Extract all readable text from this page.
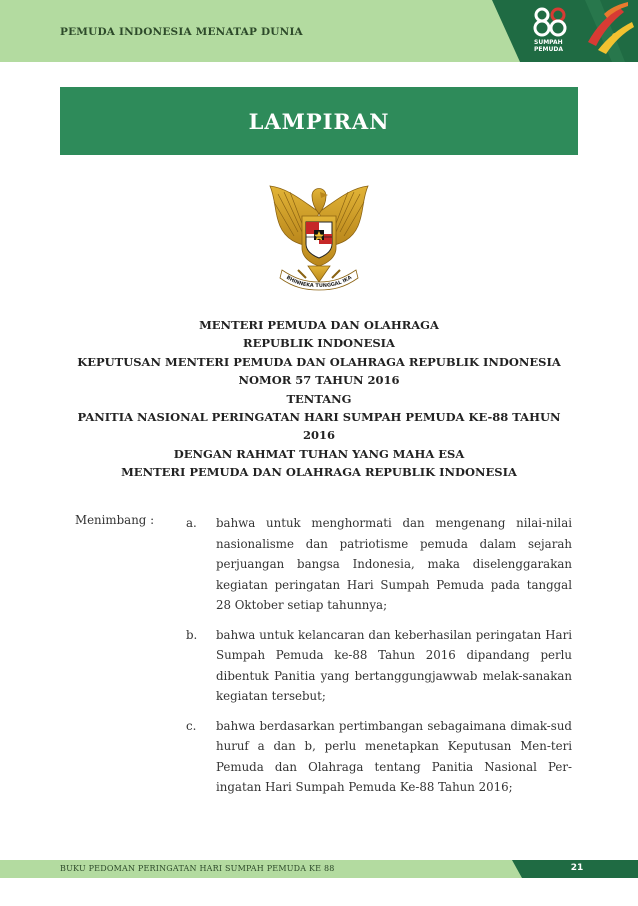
PEMUDA INDONESIA MENATAP DUNIA
SUMPAH
PEMUDA
LAMPIRAN
BHINNEKA TUNGGAL IKA
MENTERI PEMUDA DAN OLAHRAGA
REPUBLIK INDONESIA
KEPUTUSAN MENTERI PEMUDA DAN OLAHRAGA REPUBLIK INDONESIA
NOMOR 57 TAHUN 2016
TENTANG
PANITIA NASIONAL PERINGATAN HARI SUMPAH PEMUDA KE-88 TAHUN 2016
DENGAN RAHMAT TUHAN YANG MAHA ESA
MENTERI PEMUDA DAN OLAHRAGA REPUBLIK INDONESIA
Menimbang :	a.	bahwa untuk menghormati dan mengenang nilai-nilai nasionalisme dan patriotisme pemuda dalam sejarah perjuangan bangsa Indonesia, maka diselenggarakan kegiatan peringatan Hari Sumpah Pemuda pada tanggal 28 Oktober setiap tahunnya;
b.	bahwa untuk kelancaran dan keberhasilan peringatan Hari Sumpah Pemuda ke-88 Tahun 2016 dipandang perlu dibentuk Panitia yang bertanggungjawwab melak-sanakan kegiatan tersebut;
c.	bahwa berdasarkan pertimbangan sebagaimana dimak-sud huruf a dan b, perlu menetapkan Keputusan Men-teri Pemuda dan Olahraga tentang Panitia Nasional Per-ingatan Hari Sumpah Pemuda Ke-88 Tahun 2016;
BUKU PEDOMAN PERINGATAN HARI SUMPAH PEMUDA KE 88	21
